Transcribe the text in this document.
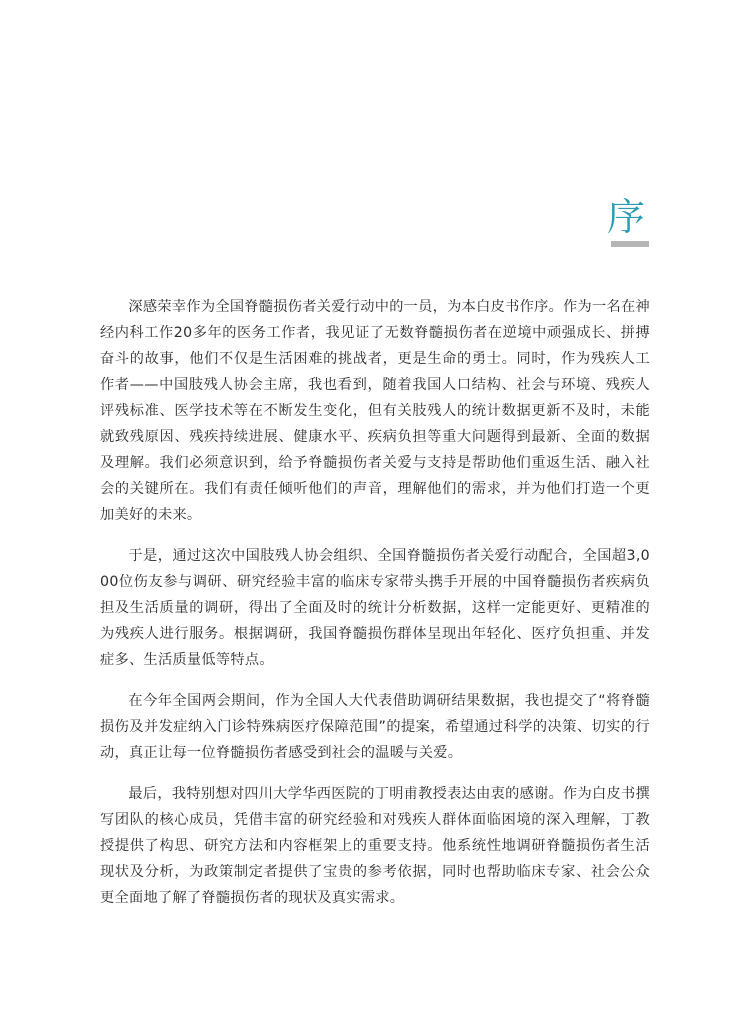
序

深感荣幸作为全国脊髓损伤者关爱行动中的一员，为本白皮书作序。作为一名在神经内科工作20多年的医务工作者，我见证了无数脊髓损伤者在逆境中顽强成长、拼搏奋斗的故事，他们不仅是生活困难的挑战者，更是生命的勇士。同时，作为残疾人工作者——中国肢残人协会主席，我也看到，随着我国人口结构、社会与环境、残疾人评残标准、医学技术等在不断发生变化，但有关肢残人的统计数据更新不及时，未能就致残原因、残疾持续进展、健康水平、疾病负担等重大问题得到最新、全面的数据及理解。我们必须意识到，给予脊髓损伤者关爱与支持是帮助他们重返生活、融入社会的关键所在。我们有责任倾听他们的声音，理解他们的需求，并为他们打造一个更加美好的未来。

于是，通过这次中国肢残人协会组织、全国脊髓损伤者关爱行动配合，全国超3,000位伤友参与调研、研究经验丰富的临床专家带头携手开展的中国脊髓损伤者疾病负担及生活质量的调研，得出了全面及时的统计分析数据，这样一定能更好、更精准的为残疾人进行服务。根据调研，我国脊髓损伤群体呈现出年轻化、医疗负担重、并发症多、生活质量低等特点。

在今年全国两会期间，作为全国人大代表借助调研结果数据，我也提交了“将脊髓损伤及并发症纳入门诊特殊病医疗保障范围”的提案，希望通过科学的决策、切实的行动，真正让每一位脊髓损伤者感受到社会的温暖与关爱。

最后，我特别想对四川大学华西医院的丁明甫教授表达由衷的感谢。作为白皮书撰写团队的核心成员，凭借丰富的研究经验和对残疾人群体面临困境的深入理解，丁教授提供了构思、研究方法和内容框架上的重要支持。他系统性地调研脊髓损伤者生活现状及分析，为政策制定者提供了宝贵的参考依据，同时也帮助临床专家、社会公众更全面地了解了脊髓损伤者的现状及真实需求。
